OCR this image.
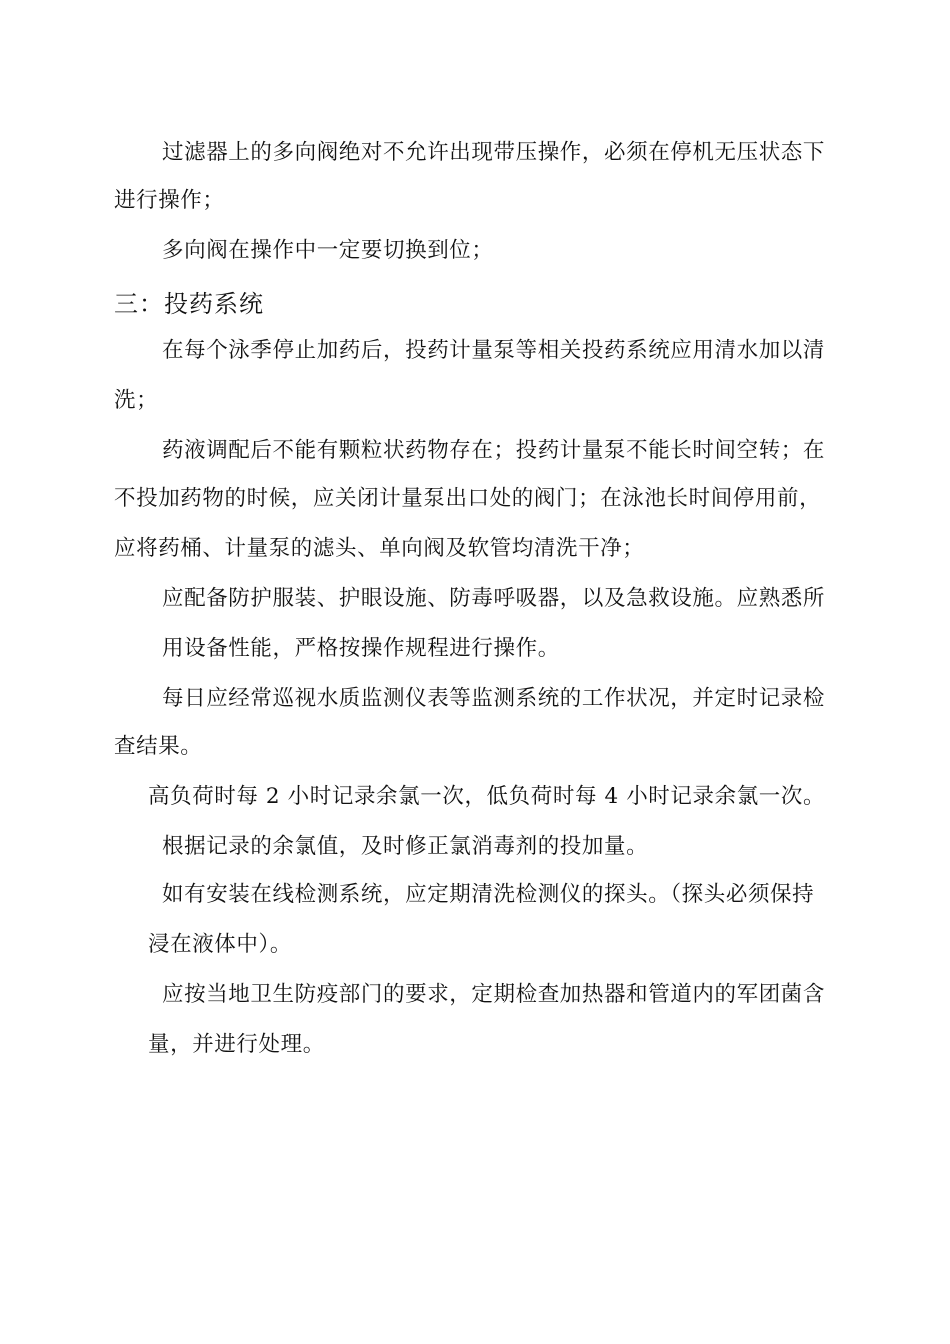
过滤器上的多向阀绝对不允许出现带压操作，必须在停机无压状态下
进行操作；
多向阀在操作中一定要切换到位；
三：投药系统
在每个泳季停止加药后，投药计量泵等相关投药系统应用清水加以清
洗；
药液调配后不能有颗粒状药物存在；投药计量泵不能长时间空转；在
不投加药物的时候，应关闭计量泵出口处的阀门；在泳池长时间停用前，
应将药桶、计量泵的滤头、单向阀及软管均清洗干净；
应配备防护服装、护眼设施、防毒呼吸器，以及急救设施。应熟悉所
用设备性能，严格按操作规程进行操作。
每日应经常巡视水质监测仪表等监测系统的工作状况，并定时记录检
查结果。
高负荷时每 2 小时记录余氯一次，低负荷时每 4 小时记录余氯一次。
根据记录的余氯值，及时修正氯消毒剂的投加量。
如有安装在线检测系统，应定期清洗检测仪的探头。（探头必须保持
浸在液体中）。
应按当地卫生防疫部门的要求，定期检查加热器和管道内的军团菌含
量，并进行处理。
